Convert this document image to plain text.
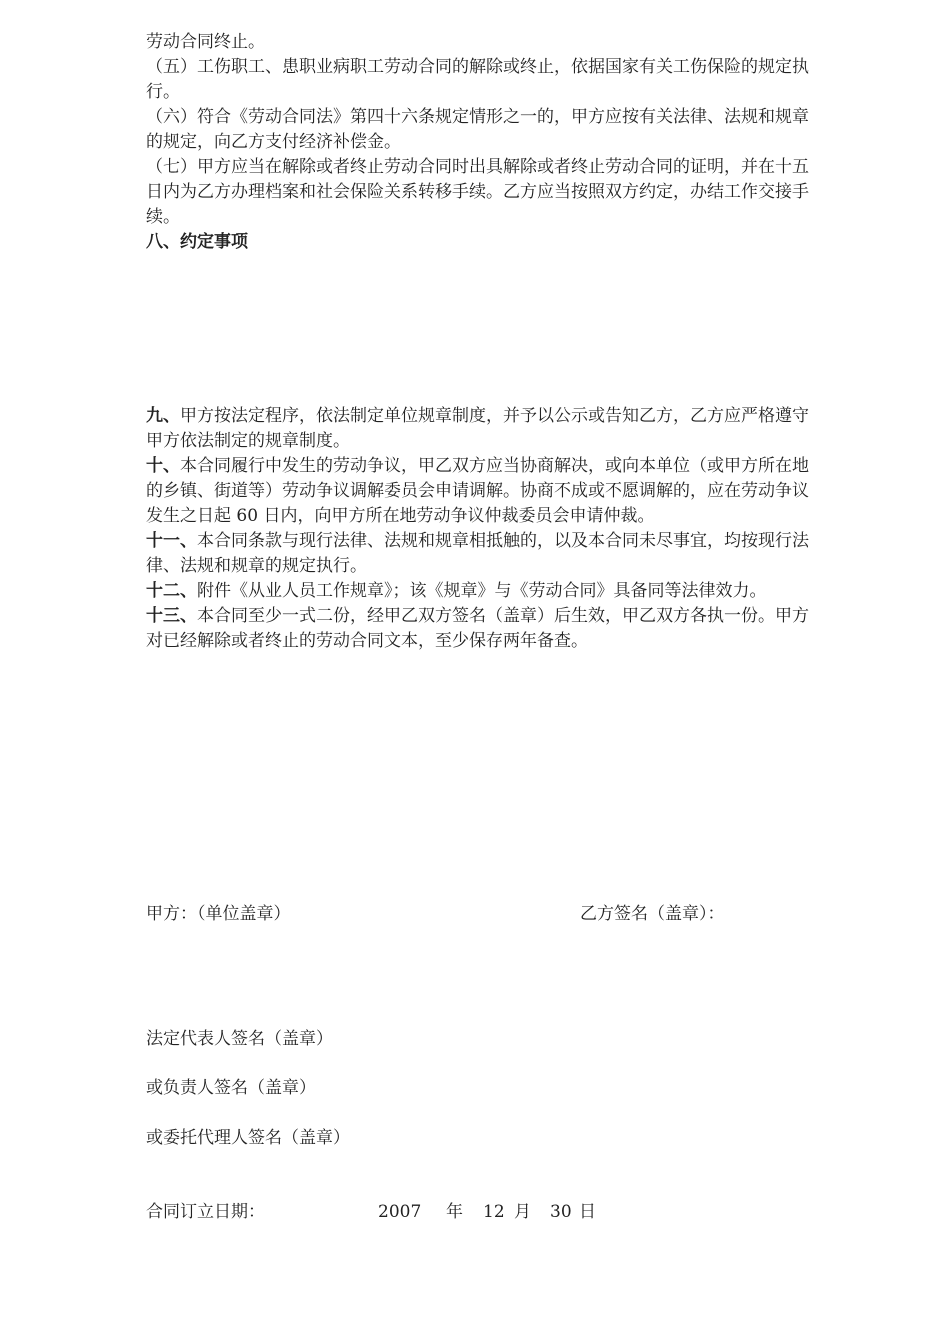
劳动合同终止。

（五）工伤职工、患职业病职工劳动合同的解除或终止，依据国家有关工伤保险的规定执行。

（六）符合《劳动合同法》第四十六条规定情形之一的，甲方应按有关法律、法规和规章的规定，向乙方支付经济补偿金。

（七）甲方应当在解除或者终止劳动合同时出具解除或者终止劳动合同的证明，并在十五日内为乙方办理档案和社会保险关系转移手续。乙方应当按照双方约定，办结工作交接手续。

八、约定事项

九、甲方按法定程序，依法制定单位规章制度，并予以公示或告知乙方，乙方应严格遵守甲方依法制定的规章制度。

十、本合同履行中发生的劳动争议，甲乙双方应当协商解决，或向本单位（或甲方所在地的乡镇、街道等）劳动争议调解委员会申请调解。协商不成或不愿调解的，应在劳动争议发生之日起 60 日内，向甲方所在地劳动争议仲裁委员会申请仲裁。

十一、本合同条款与现行法律、法规和规章相抵触的，以及本合同未尽事宜，均按现行法律、法规和规章的规定执行。

十二、附件《从业人员工作规章》；该《规章》与《劳动合同》具备同等法律效力。

十三、本合同至少一式二份，经甲乙双方签名（盖章）后生效，甲乙双方各执一份。甲方对已经解除或者终止的劳动合同文本，至少保存两年备查。

甲方：（单位盖章）	乙方签名（盖章）：
法定代表人签名（盖章）
或负责人签名（盖章）
或委托代理人签名（盖章）
合同订立日期：	2007 年 12 月 30 日
